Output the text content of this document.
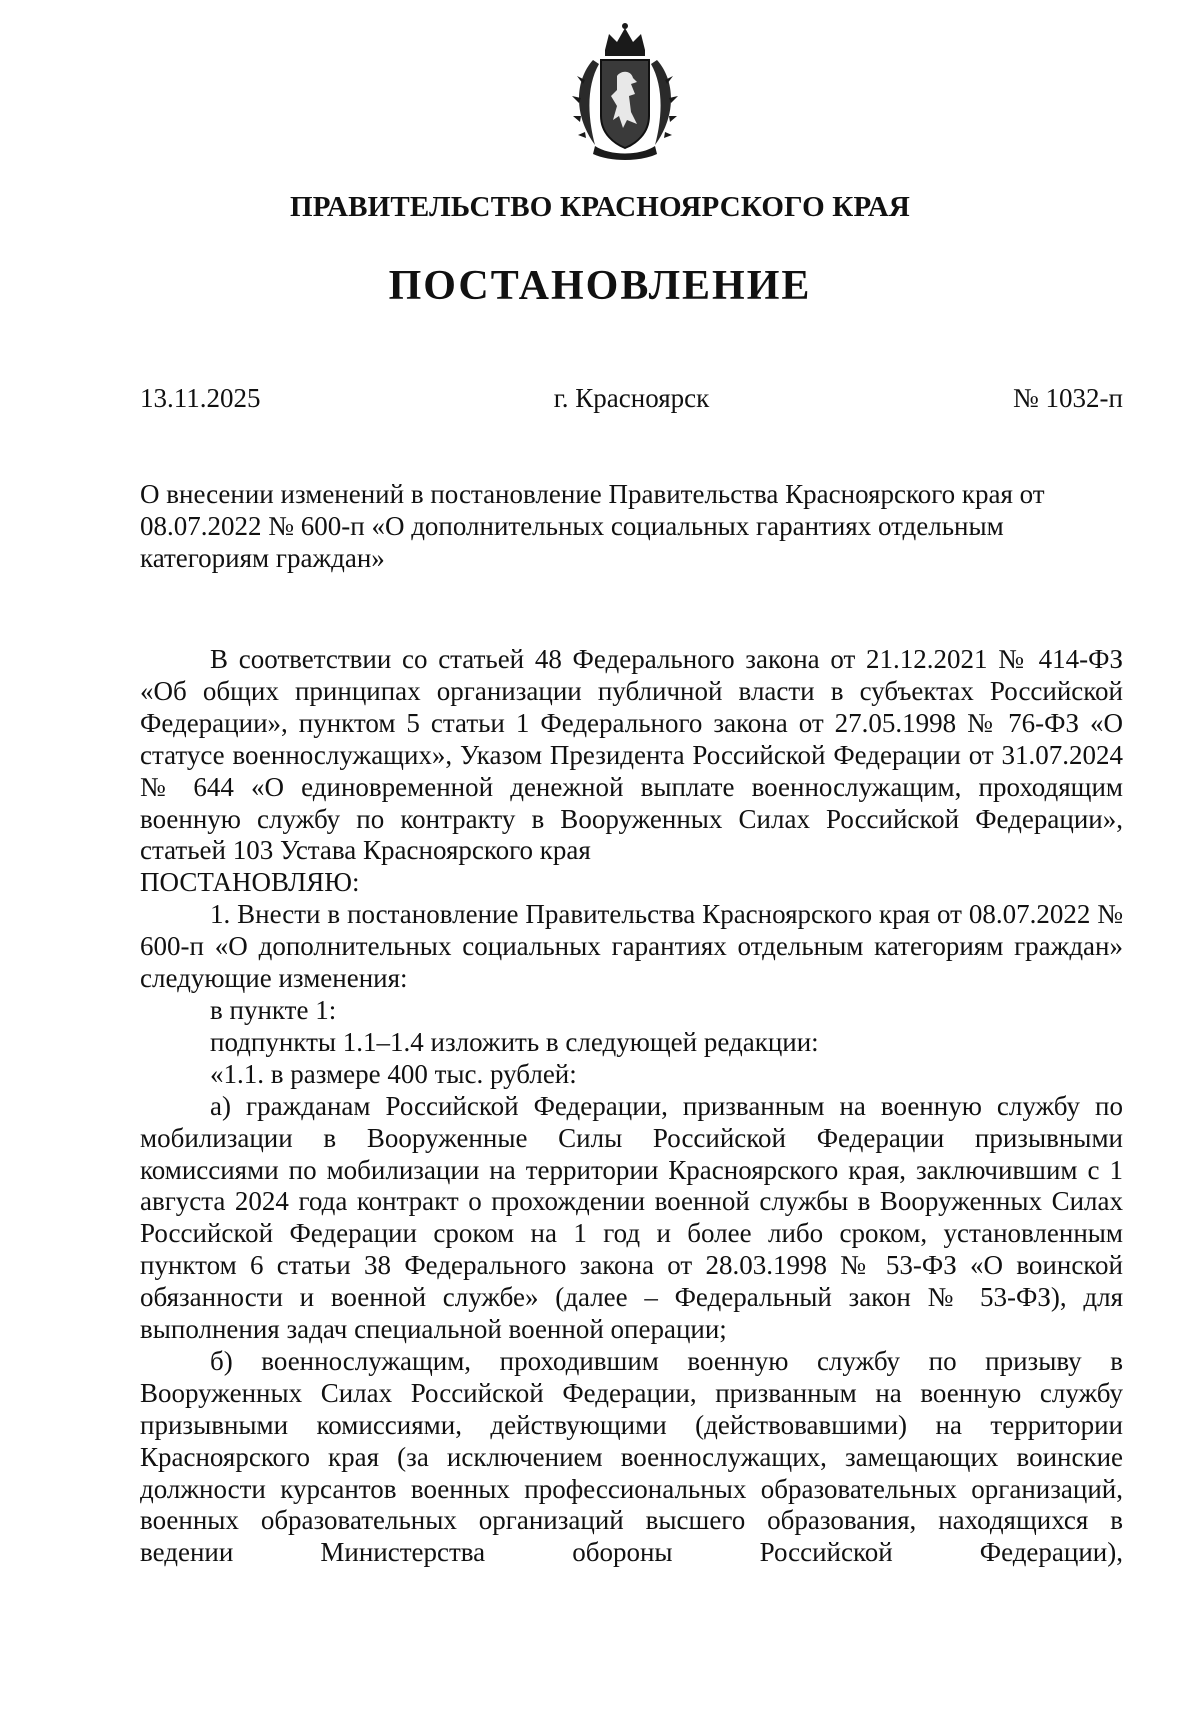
ПРАВИТЕЛЬСТВО КРАСНОЯРСКОГО КРАЯ
ПОСТАНОВЛЕНИЕ
13.11.2025	г. Красноярск	№ 1032-п
О внесении изменений в постановление Правительства Красноярского края от 08.07.2022 № 600-п «О дополнительных социальных гарантиях отдельным категориям граждан»

В соответствии со статьей 48 Федерального закона от 21.12.2021 № 414-ФЗ «Об общих принципах организации публичной власти в субъектах Российской Федерации», пунктом 5 статьи 1 Федерального закона от 27.05.1998 № 76-ФЗ «О статусе военнослужащих», Указом Президента Российской Федерации от 31.07.2024 № 644 «О единовременной денежной выплате военнослужащим, проходящим военную службу по контракту в Вооруженных Силах Российской Федерации», статьей 103 Устава Красноярского края

ПОСТАНОВЛЯЮ:

1. Внести в постановление Правительства Красноярского края от 08.07.2022 № 600-п «О дополнительных социальных гарантиях отдельным категориям граждан» следующие изменения:

в пункте 1:

подпункты 1.1–1.4 изложить в следующей редакции:

«1.1. в размере 400 тыс. рублей:

а) гражданам Российской Федерации, призванным на военную службу по мобилизации в Вооруженные Силы Российской Федерации призывными комиссиями по мобилизации на территории Красноярского края, заключившим с 1 августа 2024 года контракт о прохождении военной службы в Вооруженных Силах Российской Федерации сроком на 1 год и более либо сроком, установленным пунктом 6 статьи 38 Федерального закона от 28.03.1998 № 53-ФЗ «О воинской обязанности и военной службе» (далее – Федеральный закон № 53-ФЗ), для выполнения задач специальной военной операции;

б) военнослужащим, проходившим военную службу по призыву в Вооруженных Силах Российской Федерации, призванным на военную службу призывными комиссиями, действующими (действовавшими) на территории Красноярского края (за исключением военнослужащих, замещающих воинские должности курсантов военных профессиональных образовательных организаций, военных образовательных организаций высшего образования, находящихся в ведении Министерства обороны Российской Федерации),
